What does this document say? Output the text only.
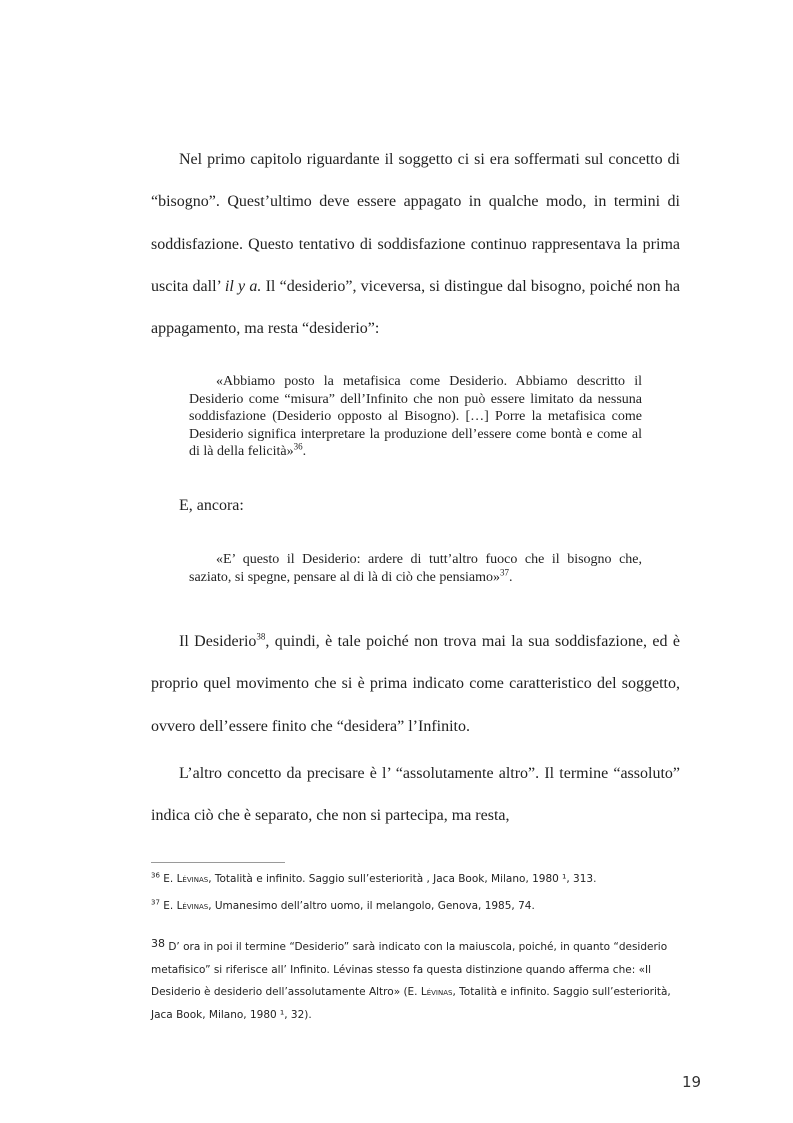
Nel primo capitolo riguardante il soggetto ci si era soffermati sul concetto di “bisogno”. Quest’ultimo deve essere appagato in qualche modo, in termini di soddisfazione. Questo tentativo di soddisfazione continuo rappresentava la prima uscita dall’ il y a. Il “desiderio”, viceversa, si distingue dal bisogno, poiché non ha appagamento, ma resta “desiderio”:

«Abbiamo posto la metafisica come Desiderio. Abbiamo descritto il Desiderio come “misura” dell’Infinito che non può essere limitato da nessuna soddisfazione (Desiderio opposto al Bisogno). […] Porre la metafisica come Desiderio significa interpretare la produzione dell’essere come bontà e come al di là della felicità»$^{36}$.

E, ancora:

«E’ questo il Desiderio: ardere di tutt’altro fuoco che il bisogno che, saziato, si spegne, pensare al di là di ciò che pensiamo»$^{37}$.

Il Desiderio$^{38}$, quindi, è tale poiché non trova mai la sua soddisfazione, ed è proprio quel movimento che si è prima indicato come caratteristico del soggetto, ovvero dell’essere finito che “desidera” l’Infinito.

L’altro concetto da precisare è l’ “assolutamente altro”. Il termine “assoluto” indica ciò che è separato, che non si partecipa, ma resta,

$^{36}$ E. Lévinas, Totalità e infinito. Saggio sull’esteriorità , Jaca Book, Milano, 1980 ¹, 313.
$^{37}$ E. Lévinas, Umanesimo dell’altro uomo, il melangolo, Genova, 1985, 74.
38 D’ ora in poi il termine “Desiderio” sarà indicato con la maiuscola, poiché, in quanto “desiderio metafisico” si riferisce all’ Infinito. Lévinas stesso fa questa distinzione quando afferma che: «Il Desiderio è desiderio dell’assolutamente Altro» (E. Lévinas, Totalità e infinito. Saggio sull’esteriorità, Jaca Book, Milano, 1980 ¹, 32).
19
